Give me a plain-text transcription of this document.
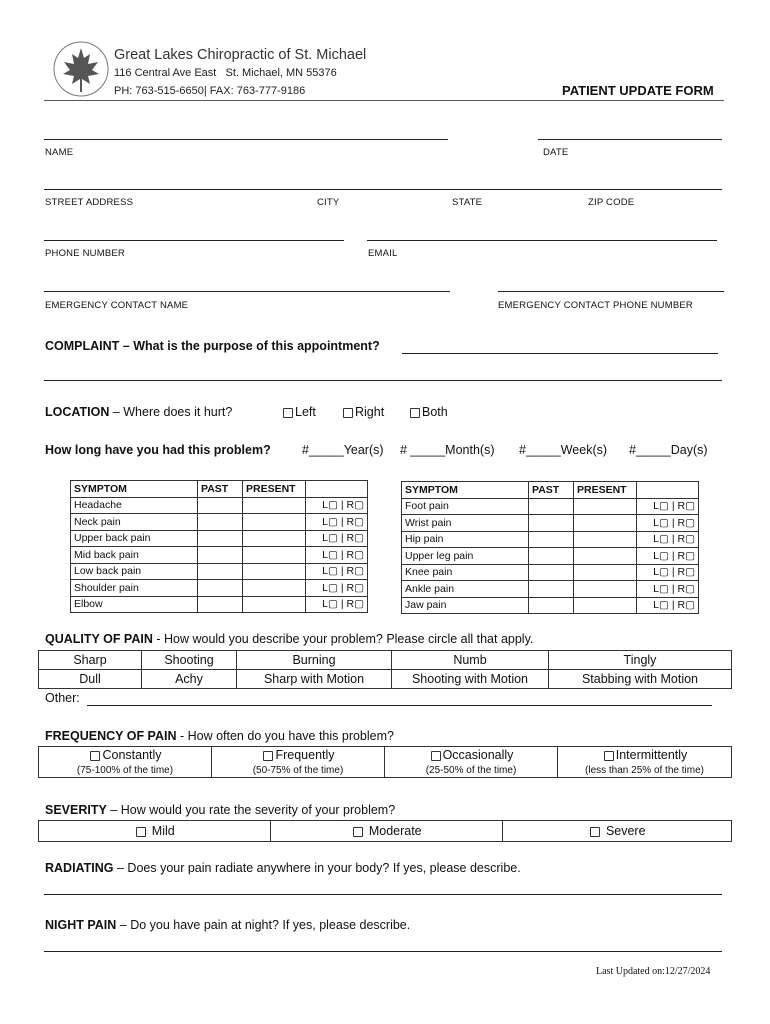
Great Lakes Chiropractic of St. Michael
116 Central Ave East   St. Michael, MN 55376
PH: 763-515-6650| FAX: 763-777-9186	PATIENT UPDATE FORM
NAME	DATE
STREET ADDRESS	CITY	STATE	ZIP CODE
PHONE NUMBER	EMAIL
EMERGENCY CONTACT NAME	EMERGENCY CONTACT PHONE NUMBER
COMPLAINT – What is the purpose of this appointment?
LOCATION – Where does it hurt?	Left	Right	Both
How long have you had this problem?	#_____Year(s) # _____Month(s) #_____Week(s) #_____Day(s)
SYMPTOM	PAST	PRESENT	
Headache			L▢ | R▢
Neck pain			L▢ | R▢
Upper back pain			L▢ | R▢
Mid back pain			L▢ | R▢
Low back pain			L▢ | R▢
Shoulder pain			L▢ | R▢
Elbow			L▢ | R▢
SYMPTOM	PAST	PRESENT	
Foot pain			L▢ | R▢
Wrist pain			L▢ | R▢
Hip pain			L▢ | R▢
Upper leg pain			L▢ | R▢
Knee pain			L▢ | R▢
Ankle pain			L▢ | R▢
Jaw pain			L▢ | R▢
QUALITY OF PAIN - How would you describe your problem? Please circle all that apply.
Sharp	Shooting	Burning	Numb	Tingly
Dull	Achy	Sharp with Motion	Shooting with Motion	Stabbing with Motion
Other:
FREQUENCY OF PAIN - How often do you have this problem?
Constantly
(75-100% of the time)

Frequently
(50-75% of the time)

Occasionally
(25-50% of the time)

Intermittently
(less than 25% of the time)
SEVERITY – How would you rate the severity of your problem?
Mild	Moderate	Severe
RADIATING – Does your pain radiate anywhere in your body? If yes, please describe.
NIGHT PAIN – Do you have pain at night? If yes, please describe.
Last Updated on:12/27/2024
